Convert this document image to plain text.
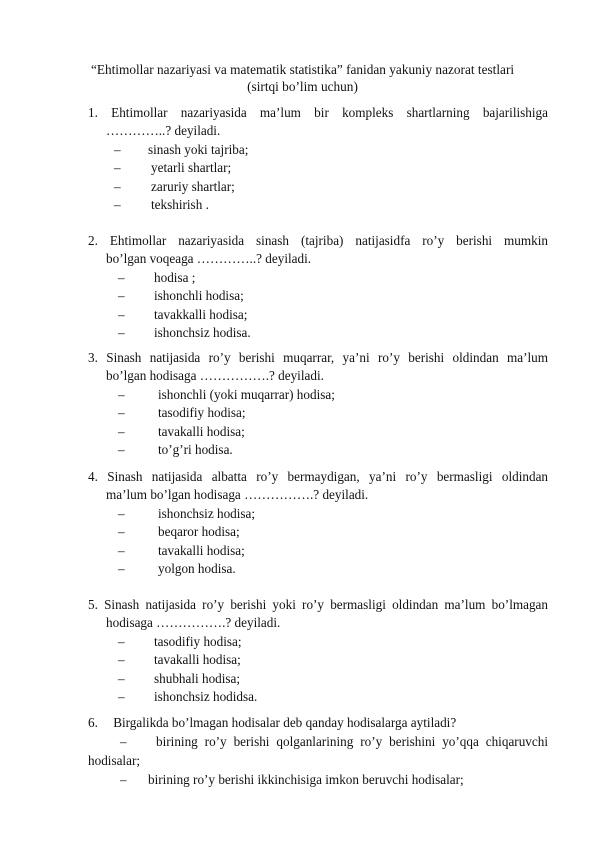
“Ehtimollar nazariyasi va matematik statistika” fanidan yakuniy nazorat testlari
(sirtqi bo’lim uchun)
1. Ehtimollar nazariyasida ma’lum bir kompleks shartlarning bajarilishiga
…………..? deyiladi.
– sinash yoki tajriba;
– yetarli shartlar;
– zaruriy shartlar;
– tekshirish .
2. Ehtimollar nazariyasida sinash (tajriba) natijasidfa ro’y berishi mumkin
bo’lgan voqeaga …………..? deyiladi.
– hodisa ;
– ishonchli hodisa;
– tavakkalli hodisa;
– ishonchsiz hodisa.
3. Sinash natijasida ro’y berishi muqarrar, ya’ni ro’y berishi oldindan ma’lum
bo’lgan hodisaga …………….? deyiladi.
–	ishonchli (yoki muqarrar) hodisa;
–	tasodifiy hodisa;
–	tavakalli hodisa;
–	to’g’ri hodisa.
4. Sinash natijasida albatta ro’y bermaydigan, ya’ni ro’y bermasligi oldindan
ma’lum bo’lgan hodisaga …………….? deyiladi.
–	ishonchsiz hodisa;
–	beqaror hodisa;
–	tavakalli hodisa;
–	yolgon hodisa.
5. Sinash natijasida ro’y berishi yoki ro’y bermasligi oldindan ma’lum bo’lmagan
hodisaga …………….? deyiladi.
– tasodifiy hodisa;
– tavakalli hodisa;
– shubhali hodisa;
– ishonchsiz hodidsa.
6. Birgalikda bo’lmagan hodisalar deb qanday hodisalarga aytiladi?
– birining ro’y berishi qolganlarining ro’y berishini yo’qqa chiqaruvchi
hodisalar;
– birining ro’y berishi ikkinchisiga imkon beruvchi hodisalar;
